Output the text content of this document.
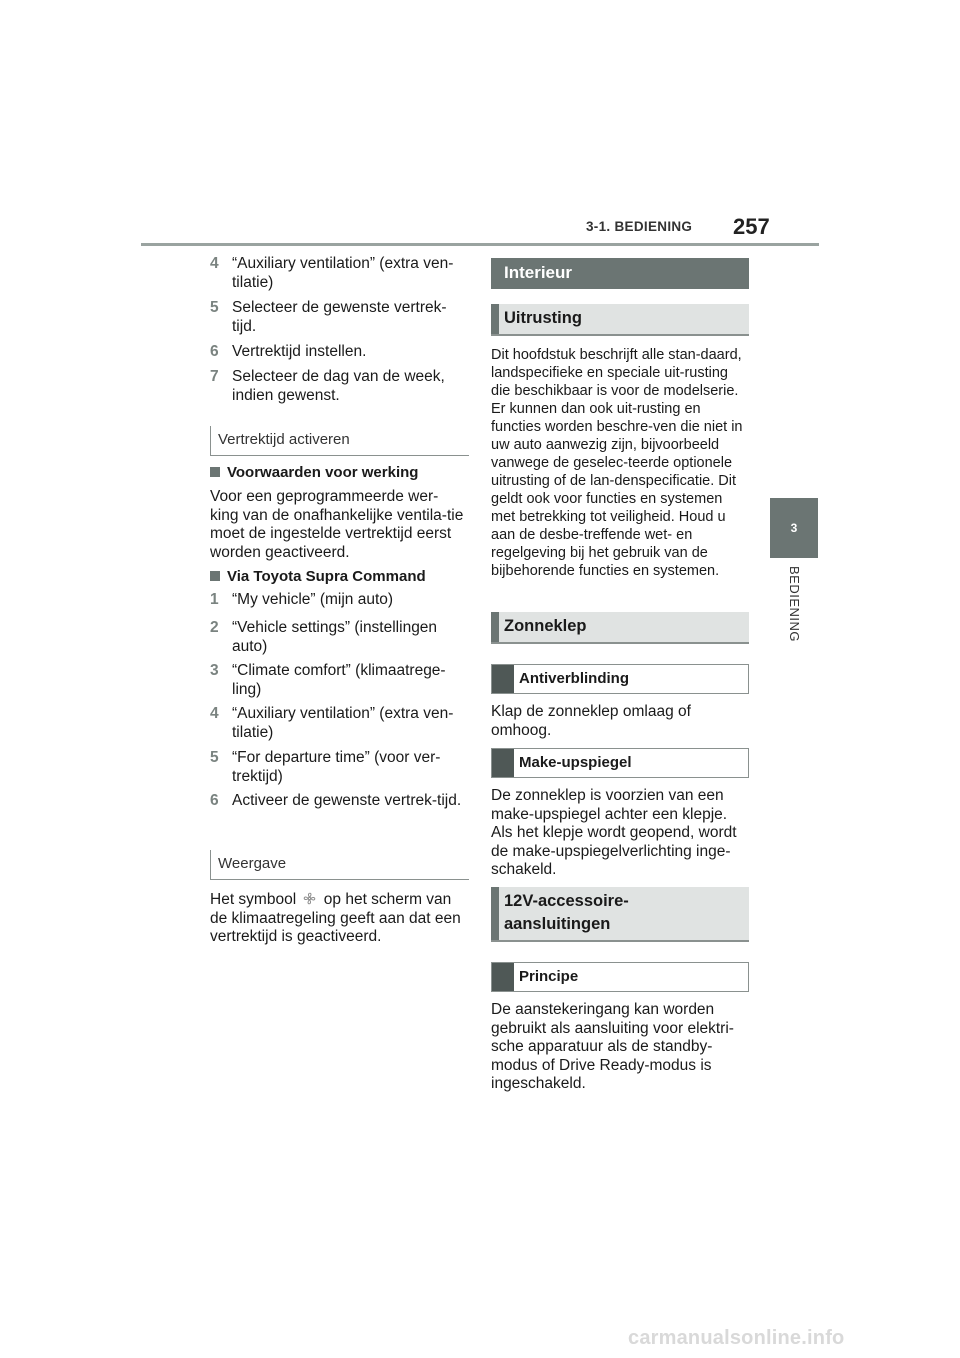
3-1. BEDIENING 257
3
BEDIENING
4 “Auxiliary ventilation” (extra ven-tilatie)
5 Selecteer de gewenste vertrek-tijd.
6 Vertrektijd instellen.
7 Selecteer de dag van de week, indien gewenst.
Vertrektijd activeren
Voorwaarden voor werking
Voor een geprogrammeerde wer-king van de onafhankelijke ventila-tie moet de ingestelde vertrektijd eerst worden geactiveerd.
Via Toyota Supra Command
1 “My vehicle” (mijn auto)
2 “Vehicle settings” (instellingen auto)
3 “Climate comfort” (klimaatrege-ling)
4 “Auxiliary ventilation” (extra ven-tilatie)
5 “For departure time” (voor ver-trektijd)
6 Activeer de gewenste vertrek-tijd.
Weergave
Het symbool op het scherm van de klimaatregeling geeft aan dat een vertrektijd is geactiveerd.
Interieur
Uitrusting
Dit hoofdstuk beschrijft alle stan-daard, landspecifieke en speciale uit-rusting die beschikbaar is voor de modelserie. Er kunnen dan ook uit-rusting en functies worden beschre-ven die niet in uw auto aanwezig zijn, bijvoorbeeld vanwege de geselec-teerde optionele uitrusting of de lan-denspecificatie. Dit geldt ook voor functies en systemen met betrekking tot veiligheid. Houd u aan de desbe-treffende wet- en regelgeving bij het gebruik van de bijbehorende functies en systemen.
Zonneklep
Antiverblinding
Klap de zonneklep omlaag of omhoog.
Make-upspiegel
De zonneklep is voorzien van een make-upspiegel achter een klepje. Als het klepje wordt geopend, wordt de make-upspiegelverlichting inge-schakeld.
12V-accessoire-
aansluitingen
Principe
De aanstekeringang kan worden gebruikt als aansluiting voor elektri-sche apparatuur als de standby-modus of Drive Ready-modus is ingeschakeld.
carmanualsonline.info
